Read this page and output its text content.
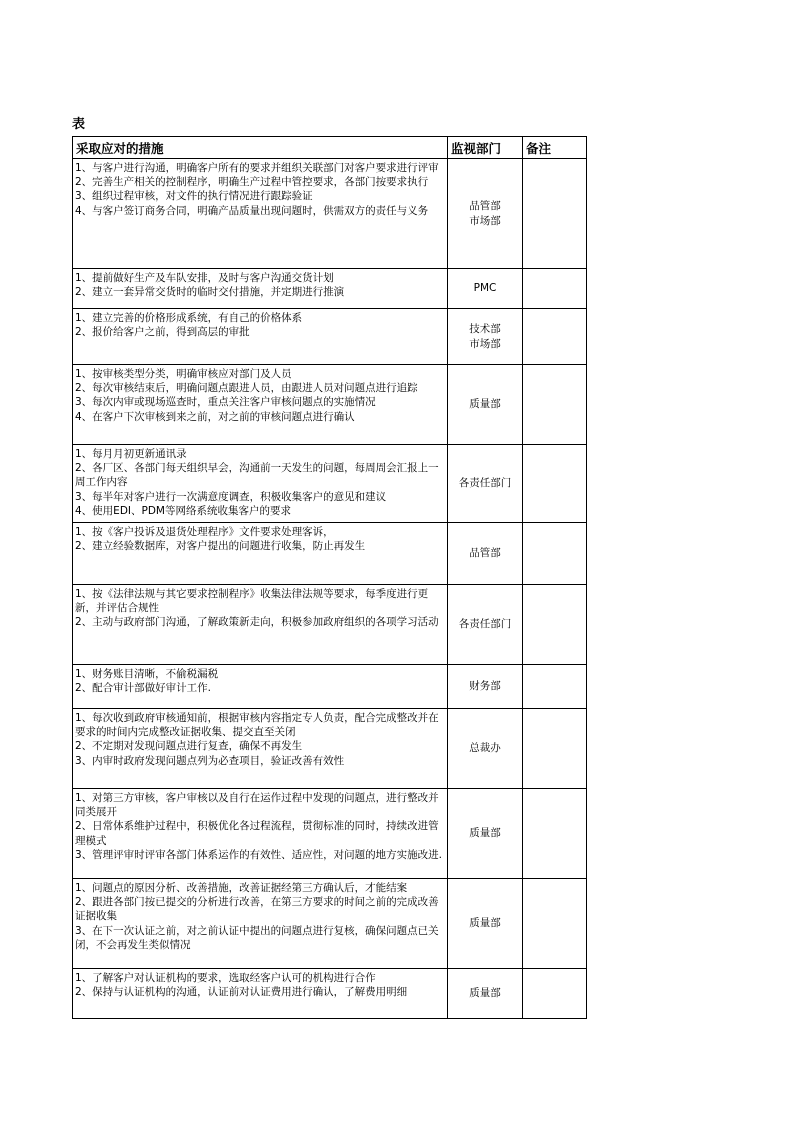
表
采取应对的措施	监视部门	备注

1、与客户进行沟通，明确客户所有的要求并组织关联部门对客户要求进行评审
2、完善生产相关的控制程序，明确生产过程中管控要求，各部门按要求执行
3、组织过程审核，对文件的执行情况进行跟踪验证
4、与客户签订商务合同，明确产品质量出现问题时，供需双方的责任与义务	品管部
市场部	

1、提前做好生产及车队安排，及时与客户沟通交货计划
2、建立一套异常交货时的临时交付措施，并定期进行推演	PMC	

1、建立完善的价格形成系统，有自己的价格体系
2、报价给客户之前，得到高层的审批	技术部
市场部	

1、按审核类型分类，明确审核应对部门及人员
2、每次审核结束后，明确问题点跟进人员，由跟进人员对问题点进行追踪
3、每次内审或现场巡查时，重点关注客户审核问题点的实施情况
4、在客户下次审核到来之前，对之前的审核问题点进行确认	质量部	

1、每月月初更新通讯录
2、各厂区、各部门每天组织早会，沟通前一天发生的问题，每周周会汇报上一周工作内容
3、每半年对客户进行一次满意度调查，积极收集客户的意见和建议
4、使用EDI、PDM等网络系统收集客户的要求	各责任部门	

1、按《客户投诉及退货处理程序》文件要求处理客诉，
2、建立经验数据库，对客户提出的问题进行收集，防止再发生	品管部	

1、按《法律法规与其它要求控制程序》收集法律法规等要求，每季度进行更新，并评估合规性
2、主动与政府部门沟通，了解政策新走向，积极参加政府组织的各项学习活动	各责任部门	

1、财务账目清晰，不偷税漏税
2、配合审计部做好审计工作.	财务部	

1、每次收到政府审核通知前，根据审核内容指定专人负责，配合完成整改并在要求的时间内完成整改证据收集、提交直至关闭
2、不定期对发现问题点进行复查，确保不再发生
3、内审时政府发现问题点列为必查项目，验证改善有效性	总裁办	

1、对第三方审核，客户审核以及自行在运作过程中发现的问题点，进行整改并同类展开
2、日常体系维护过程中，积极优化各过程流程，贯彻标准的同时，持续改进管理模式
3、管理评审时评审各部门体系运作的有效性、适应性，对问题的地方实施改进.	质量部	

1、问题点的原因分析、改善措施，改善证据经第三方确认后，才能结案
2、跟进各部门按已提交的分析进行改善，在第三方要求的时间之前的完成改善证据收集
3、在下一次认证之前，对之前认证中提出的问题点进行复核，确保问题点已关闭，不会再发生类似情况	质量部	

1、了解客户对认证机构的要求，选取经客户认可的机构进行合作
2、保持与认证机构的沟通，认证前对认证费用进行确认，了解费用明细	质量部	
